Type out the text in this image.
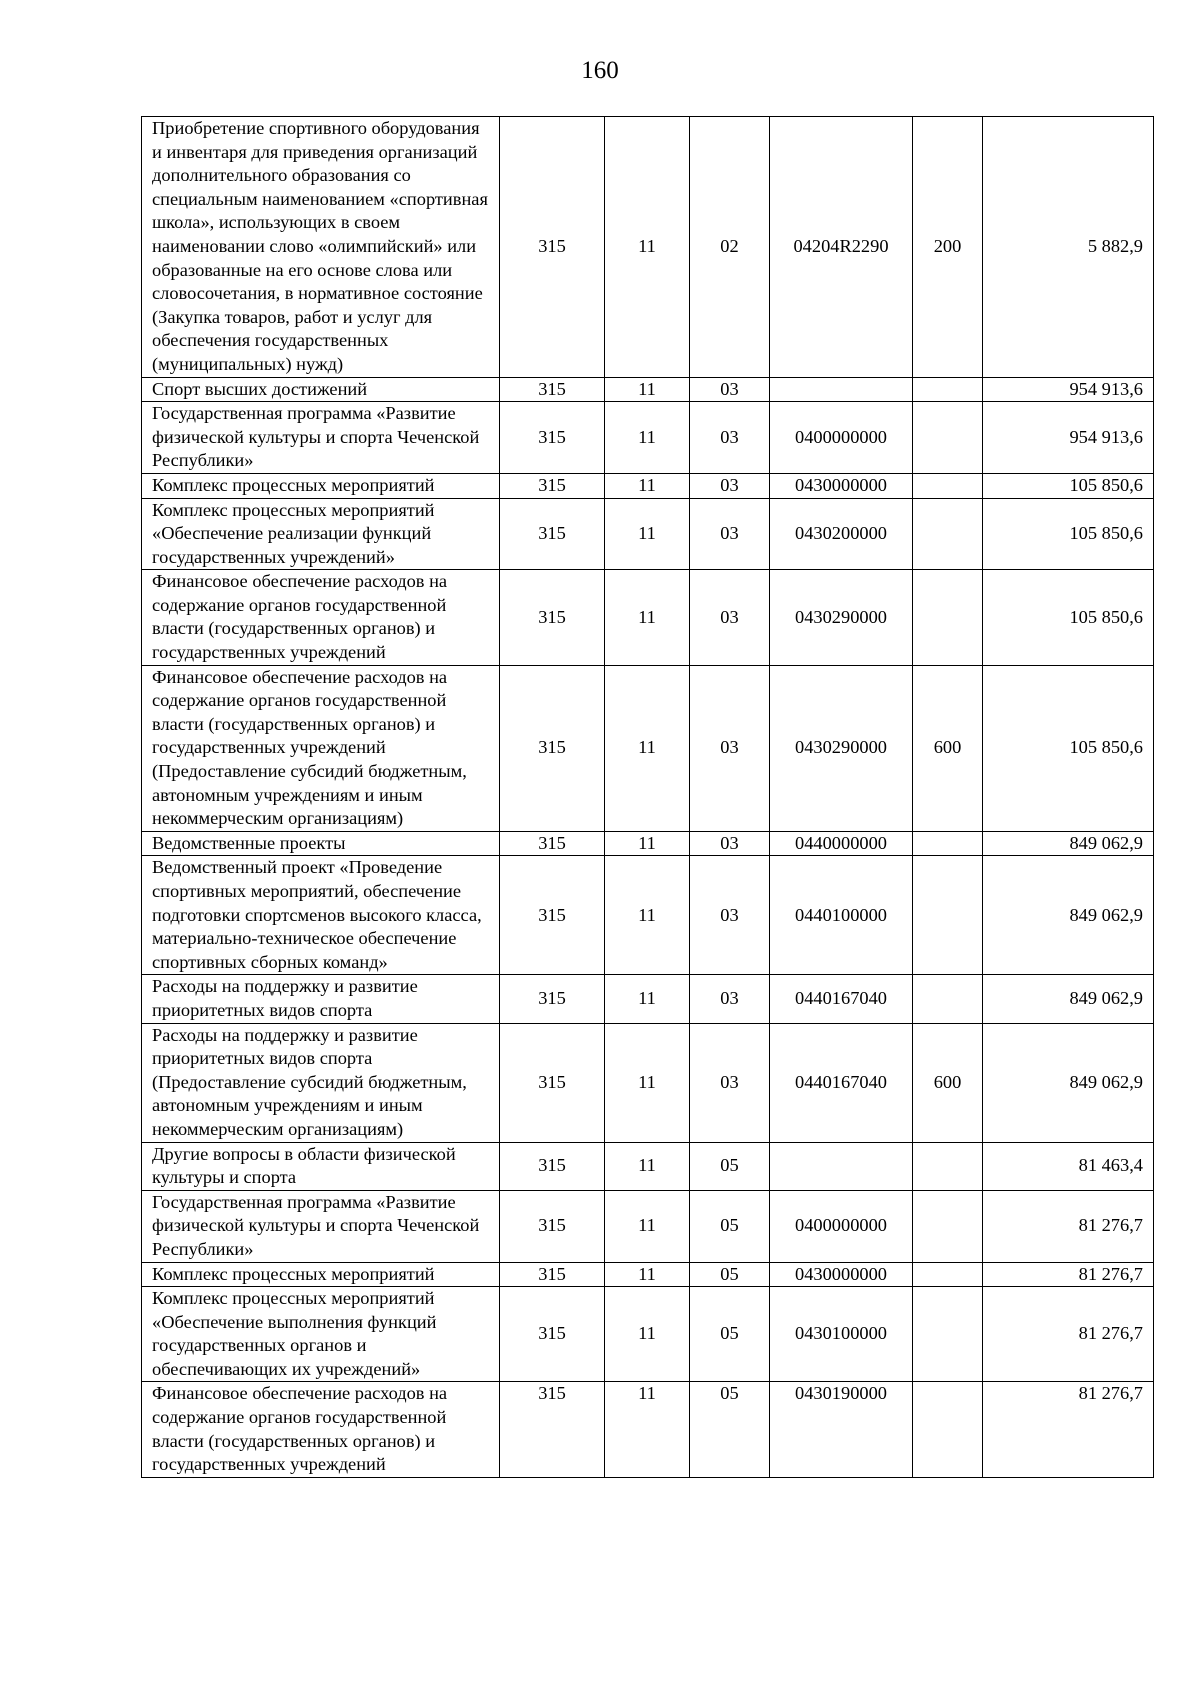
160
Приобретение спортивного оборудования и инвентаря для приведения организаций дополнительного образования со специальным наименованием «спортивная школа», использующих в своем наименовании слово «олимпийский» или образованные на его основе слова или словосочетания, в нормативное состояние (Закупка товаров, работ и услуг для обеспечения государственных (муниципальных) нужд)	315	11	02	04204R2290	200	5 882,9
Спорт высших достижений	315	11	03			954 913,6
Государственная программа «Развитие физической культуры и спорта Чеченской Республики»	315	11	03	0400000000		954 913,6
Комплекс процессных мероприятий	315	11	03	0430000000		105 850,6
Комплекс процессных мероприятий «Обеспечение реализации функций государственных учреждений»	315	11	03	0430200000		105 850,6
Финансовое обеспечение расходов на содержание органов государственной власти (государственных органов) и государственных учреждений	315	11	03	0430290000		105 850,6
Финансовое обеспечение расходов на содержание органов государственной власти (государственных органов) и государственных учреждений (Предоставление субсидий бюджетным, автономным учреждениям и иным некоммерческим организациям)	315	11	03	0430290000	600	105 850,6
Ведомственные проекты	315	11	03	0440000000		849 062,9
Ведомственный проект «Проведение спортивных мероприятий, обеспечение подготовки спортсменов высокого класса, материально-техническое обеспечение спортивных сборных команд»	315	11	03	0440100000		849 062,9
Расходы на поддержку и развитие приоритетных видов спорта	315	11	03	0440167040		849 062,9
Расходы на поддержку и развитие приоритетных видов спорта (Предоставление субсидий бюджетным, автономным учреждениям и иным некоммерческим организациям)	315	11	03	0440167040	600	849 062,9
Другие вопросы в области физической культуры и спорта	315	11	05			81 463,4
Государственная программа «Развитие физической культуры и спорта Чеченской Республики»	315	11	05	0400000000		81 276,7
Комплекс процессных мероприятий	315	11	05	0430000000		81 276,7
Комплекс процессных мероприятий «Обеспечение выполнения функций государственных органов и обеспечивающих их учреждений»	315	11	05	0430100000		81 276,7
Финансовое обеспечение расходов на содержание органов государственной власти (государственных органов) и государственных учреждений	315	11	05	0430190000		81 276,7
